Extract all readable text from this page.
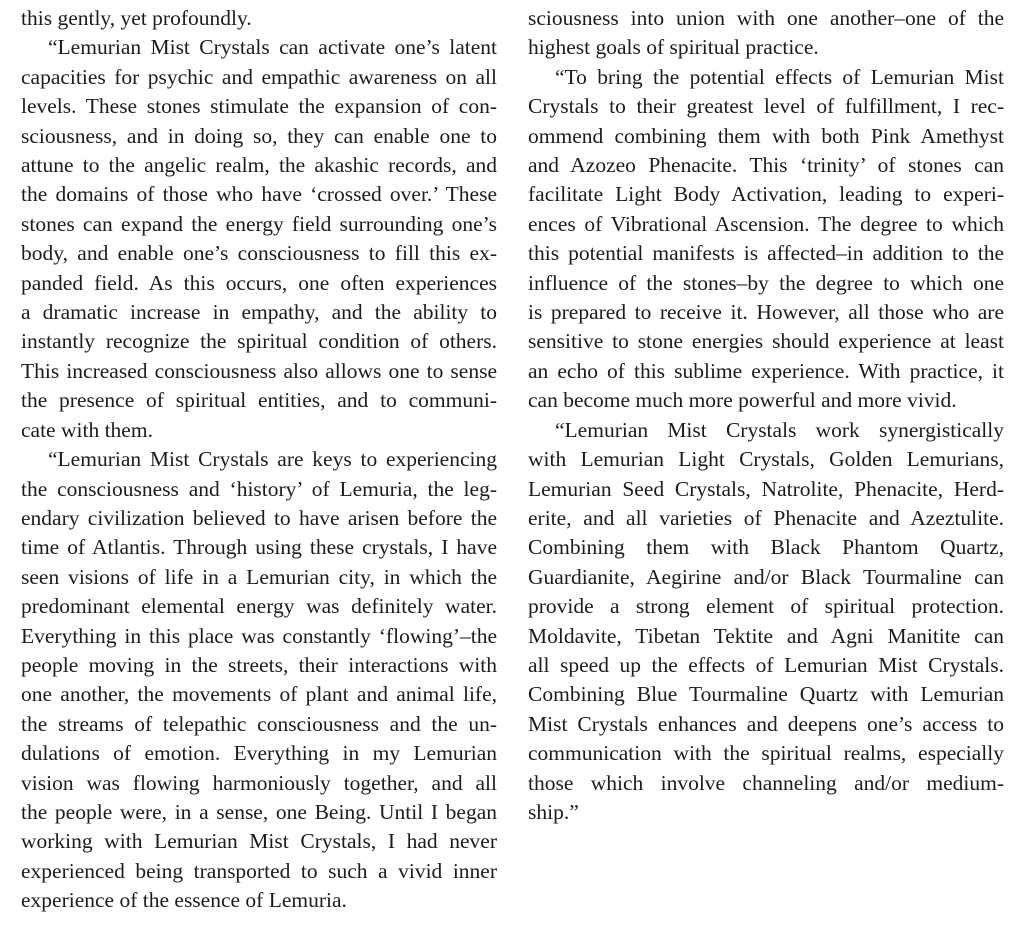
this gently, yet profoundly.
“Lemurian Mist Crystals can activate one’s latent
capacities for psychic and empathic awareness on all
levels. These stones stimulate the expansion of con-
sciousness, and in doing so, they can enable one to
attune to the angelic realm, the akashic records, and
the domains of those who have ‘crossed over.’ These
stones can expand the energy field surrounding one’s
body, and enable one’s consciousness to fill this ex-
panded field. As this occurs, one often experiences
a dramatic increase in empathy, and the ability to
instantly recognize the spiritual condition of others.
This increased consciousness also allows one to sense
the presence of spiritual entities, and to communi-
cate with them.
“Lemurian Mist Crystals are keys to experiencing
the consciousness and ‘history’ of Lemuria, the leg-
endary civilization believed to have arisen before the
time of Atlantis. Through using these crystals, I have
seen visions of life in a Lemurian city, in which the
predominant elemental energy was definitely water.
Everything in this place was constantly ‘flowing’–the
people moving in the streets, their interactions with
one another, the movements of plant and animal life,
the streams of telepathic consciousness and the un-
dulations of emotion. Everything in my Lemurian
vision was flowing harmoniously together, and all
the people were, in a sense, one Being. Until I began
working with Lemurian Mist Crystals, I had never
experienced being transported to such a vivid inner
experience of the essence of Lemuria.
sciousness into union with one another–one of the
highest goals of spiritual practice.
“To bring the potential effects of Lemurian Mist
Crystals to their greatest level of fulfillment, I rec-
ommend combining them with both Pink Amethyst
and Azozeo Phenacite. This ‘trinity’ of stones can
facilitate Light Body Activation, leading to experi-
ences of Vibrational Ascension. The degree to which
this potential manifests is affected–in addition to the
influence of the stones–by the degree to which one
is prepared to receive it. However, all those who are
sensitive to stone energies should experience at least
an echo of this sublime experience. With practice, it
can become much more powerful and more vivid.
“Lemurian Mist Crystals work synergistically
with Lemurian Light Crystals, Golden Lemurians,
Lemurian Seed Crystals, Natrolite, Phenacite, Herd-
erite, and all varieties of Phenacite and Azeztulite.
Combining them with Black Phantom Quartz,
Guardianite, Aegirine and/or Black Tourmaline can
provide a strong element of spiritual protection.
Moldavite, Tibetan Tektite and Agni Manitite can
all speed up the effects of Lemurian Mist Crystals.
Combining Blue Tourmaline Quartz with Lemurian
Mist Crystals enhances and deepens one’s access to
communication with the spiritual realms, especially
those which involve channeling and/or medium-
ship.”
